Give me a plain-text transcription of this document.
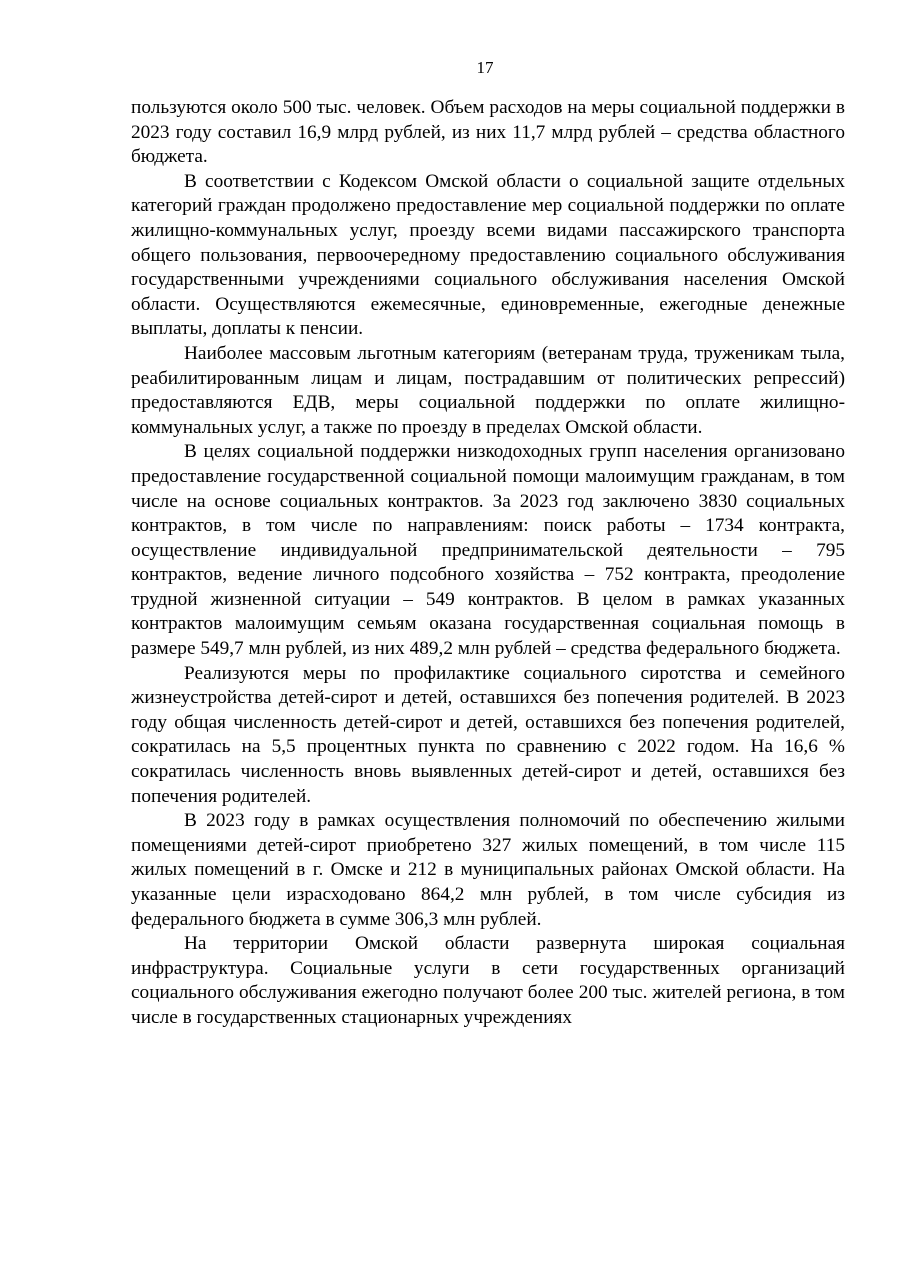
17

пользуются около 500 тыс. человек. Объем расходов на меры социальной поддержки в 2023 году составил 16,9 млрд рублей, из них 11,7 млрд рублей – средства областного бюджета.

В соответствии с Кодексом Омской области о социальной защите отдельных категорий граждан продолжено предоставление мер социальной поддержки по оплате жилищно-коммунальных услуг, проезду всеми видами пассажирского транспорта общего пользования, первоочередному предоставлению социального обслуживания государственными учреждениями социального обслуживания населения Омской области. Осуществляются ежемесячные, единовременные, ежегодные денежные выплаты, доплаты к пенсии.

Наиболее массовым льготным категориям (ветеранам труда, труженикам тыла, реабилитированным лицам и лицам, пострадавшим от политических репрессий) предоставляются ЕДВ, меры социальной поддержки по оплате жилищно-коммунальных услуг, а также по проезду в пределах Омской области.

В целях социальной поддержки низкодоходных групп населения организовано предоставление государственной социальной помощи малоимущим гражданам, в том числе на основе социальных контрактов. За 2023 год заключено 3830 социальных контрактов, в том числе по направлениям: поиск работы – 1734 контракта, осуществление индивидуальной предпринимательской деятельности – 795 контрактов, ведение личного подсобного хозяйства – 752 контракта, преодоление трудной жизненной ситуации – 549 контрактов. В целом в рамках указанных контрактов малоимущим семьям оказана государственная социальная помощь в размере 549,7 млн рублей, из них 489,2 млн рублей – средства федерального бюджета.

Реализуются меры по профилактике социального сиротства и семейного жизнеустройства детей-сирот и детей, оставшихся без попечения родителей. В 2023 году общая численность детей-сирот и детей, оставшихся без попечения родителей, сократилась на 5,5 процентных пункта по сравнению с 2022 годом. На 16,6 % сократилась численность вновь выявленных детей-сирот и детей, оставшихся без попечения родителей.

В 2023 году в рамках осуществления полномочий по обеспечению жилыми помещениями детей-сирот приобретено 327 жилых помещений, в том числе 115 жилых помещений в г. Омске и 212 в муниципальных районах Омской области. На указанные цели израсходовано 864,2 млн рублей, в том числе субсидия из федерального бюджета в сумме 306,3 млн рублей.

На территории Омской области развернута широкая социальная инфраструктура. Социальные услуги в сети государственных организаций социального обслуживания ежегодно получают более 200 тыс. жителей региона, в том числе в государственных стационарных учреждениях
